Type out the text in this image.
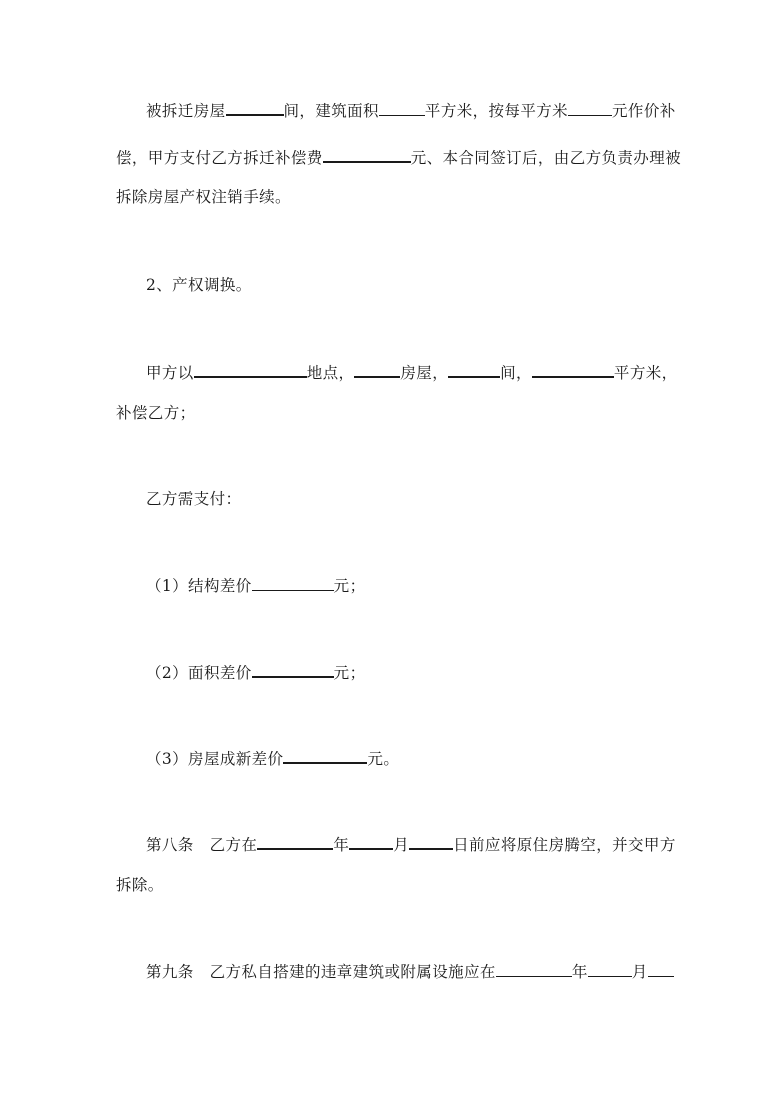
被拆迁房屋	间，建筑面积	平方米，按每平方米	元作价补
偿，甲方支付乙方拆迁补偿费	元、本合同签订后，由乙方负责办理被
拆除房屋产权注销手续。
2、产权调换。
甲方以	地点，	房屋，	间，	平方米，
补偿乙方；
乙方需支付：
（1）结构差价	元；
（2）面积差价	元；
（3）房屋成新差价	元。
第八条　乙方在	年	月	日前应将原住房腾空，并交甲方
拆除。
第九条　乙方私自搭建的违章建筑或附属设施应在	年	月
